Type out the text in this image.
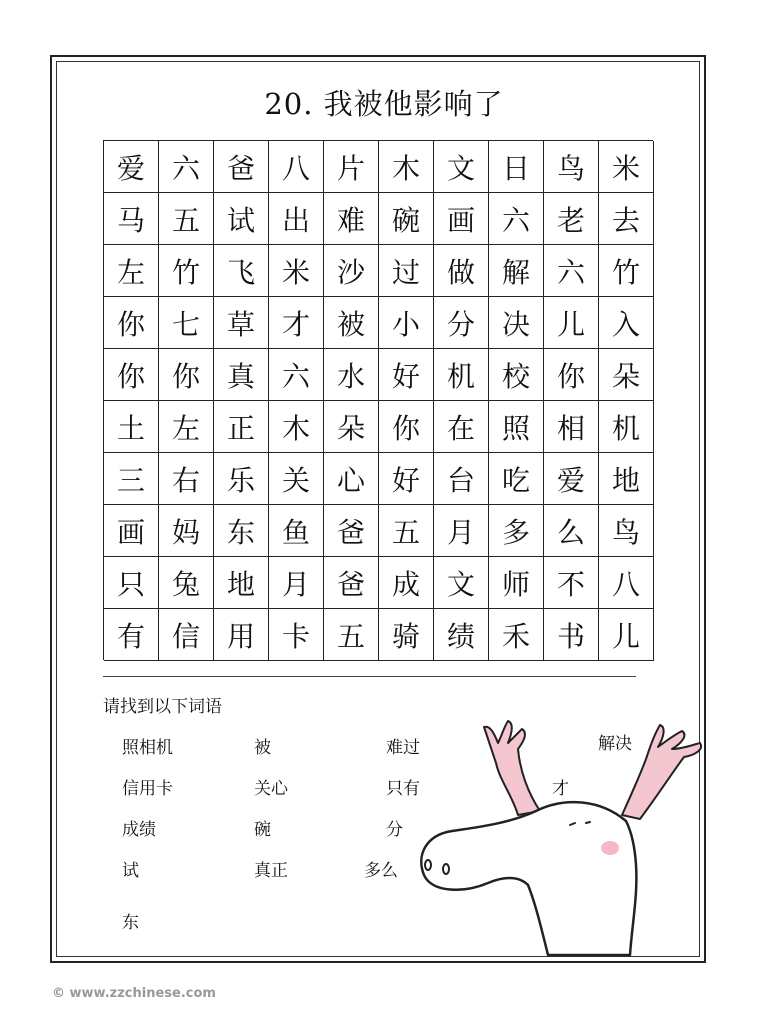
20. 我被他影响了
爱 六 爸 八 片 木 文 日 鸟 米
马 五 试 出 难 碗 画 六 老 去
左 竹 飞 米 沙 过 做 解 六 竹
你 七 草 才 被 小 分 决 儿 入
你 你 真 六 水 好 机 校 你 朵
土 左 正 木 朵 你 在 照 相 机
三 右 乐 关 心 好 台 吃 爱 地
画 妈 东 鱼 爸 五 月 多 么 鸟
只 兔 地 月 爸 成 文 师 不 八
有 信 用 卡 五 骑 绩 禾 书 儿
请找到以下词语
照相机	被	难过	解决
信用卡	关心	只有	才
成绩	碗	分
试	真正	多么
东
© www.zzchinese.com
